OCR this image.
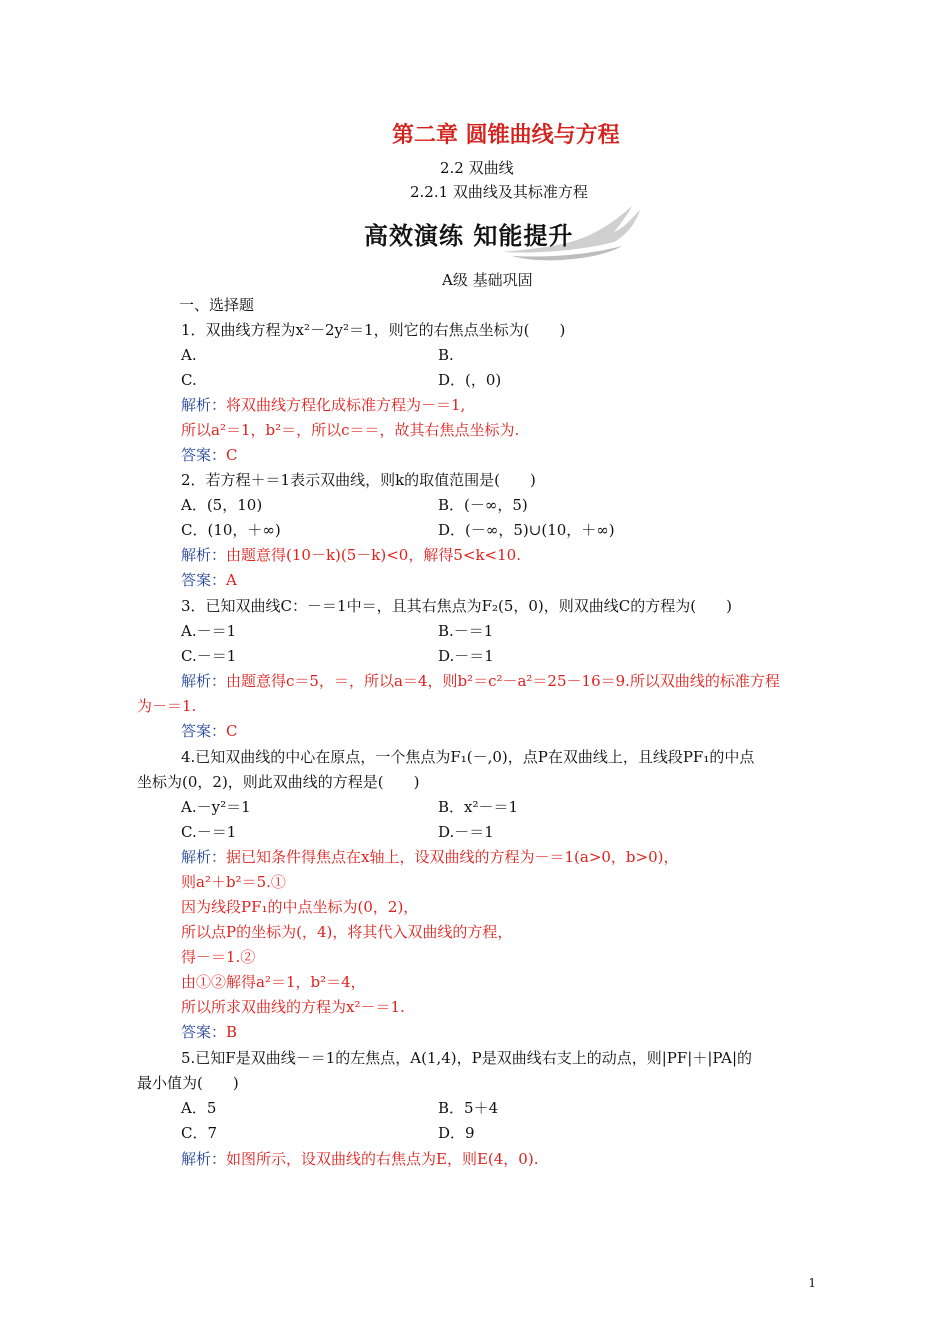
第二章 圆锥曲线与方程
2.2 双曲线
2.2.1 双曲线及其标准方程
高效演练 知能提升
A级 基础巩固
一、选择题
1．双曲线方程为x²－2y²＝1，则它的右焦点坐标为(　　)
A.	B.
C.	D．(，0)
解析：将双曲线方程化成标准方程为－＝1,
所以a²＝1，b²＝，所以c＝＝，故其右焦点坐标为.
答案：C
2．若方程＋＝1表示双曲线，则k的取值范围是(　　)
A．(5，10)	B．(－∞，5)
C．(10，＋∞)	D．(－∞，5)∪(10，＋∞)
解析：由题意得(10－k)(5－k)<0，解得5<k<10.
答案：A
3．已知双曲线C：－＝1中＝，且其右焦点为F₂(5，0)，则双曲线C的方程为(　　)
A.－＝1	B.－＝1
C.－＝1	D.－＝1
解析：由题意得c＝5，＝，所以a＝4，则b²＝c²－a²＝25－16＝9.所以双曲线的标准方程
为－＝1.
答案：C
4.已知双曲线的中心在原点，一个焦点为F₁(－,0)，点P在双曲线上，且线段PF₁的中点
坐标为(0，2)，则此双曲线的方程是(　　)
A.－y²＝1	B．x²－＝1
C.－＝1	D.－＝1
解析：据已知条件得焦点在x轴上，设双曲线的方程为－＝1(a>0，b>0)，
则a²＋b²＝5.①
因为线段PF₁的中点坐标为(0，2)，
所以点P的坐标为(，4)，将其代入双曲线的方程，
得－＝1.②
由①②解得a²＝1，b²＝4，
所以所求双曲线的方程为x²－＝1.
答案：B
5.已知F是双曲线－＝1的左焦点，A(1,4)，P是双曲线右支上的动点，则|PF|＋|PA|的
最小值为(　　)
A．5	B．5＋4
C．7	D．9
解析：如图所示，设双曲线的右焦点为E，则E(4，0).
1
